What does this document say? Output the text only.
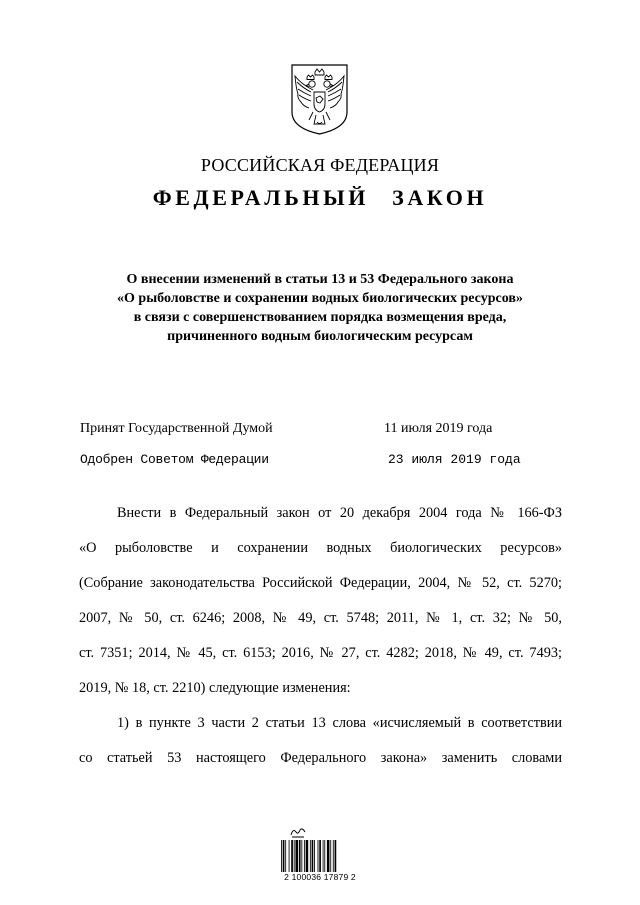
РОССИЙСКАЯ ФЕДЕРАЦИЯ
ФЕДЕРАЛЬНЫЙ ЗАКОН
О внесении изменений в статьи 13 и 53 Федерального закона
«О рыболовстве и сохранении водных биологических ресурсов»
в связи с совершенствованием порядка возмещения вреда,
причиненного водным биологическим ресурсам
Принят Государственной Думой	11 июля 2019 года
Одобрен Советом Федерации	23 июля 2019 года

Внести в Федеральный закон от 20 декабря 2004 года № 166-ФЗ
«О рыболовстве и сохранении водных биологических ресурсов»
(Собрание законодательства Российской Федерации, 2004, № 52, ст. 5270;
2007, № 50, ст. 6246; 2008, № 49, ст. 5748; 2011, № 1, ст. 32; № 50,
ст. 7351; 2014, № 45, ст. 6153; 2016, № 27, ст. 4282; 2018, № 49, ст. 7493;
2019, № 18, ст. 2210) следующие изменения:

1) в пункте 3 части 2 статьи 13 слова «исчисляемый в соответствии
со статьей 53 настоящего Федерального закона» заменить словами

2 100036 17879 2
